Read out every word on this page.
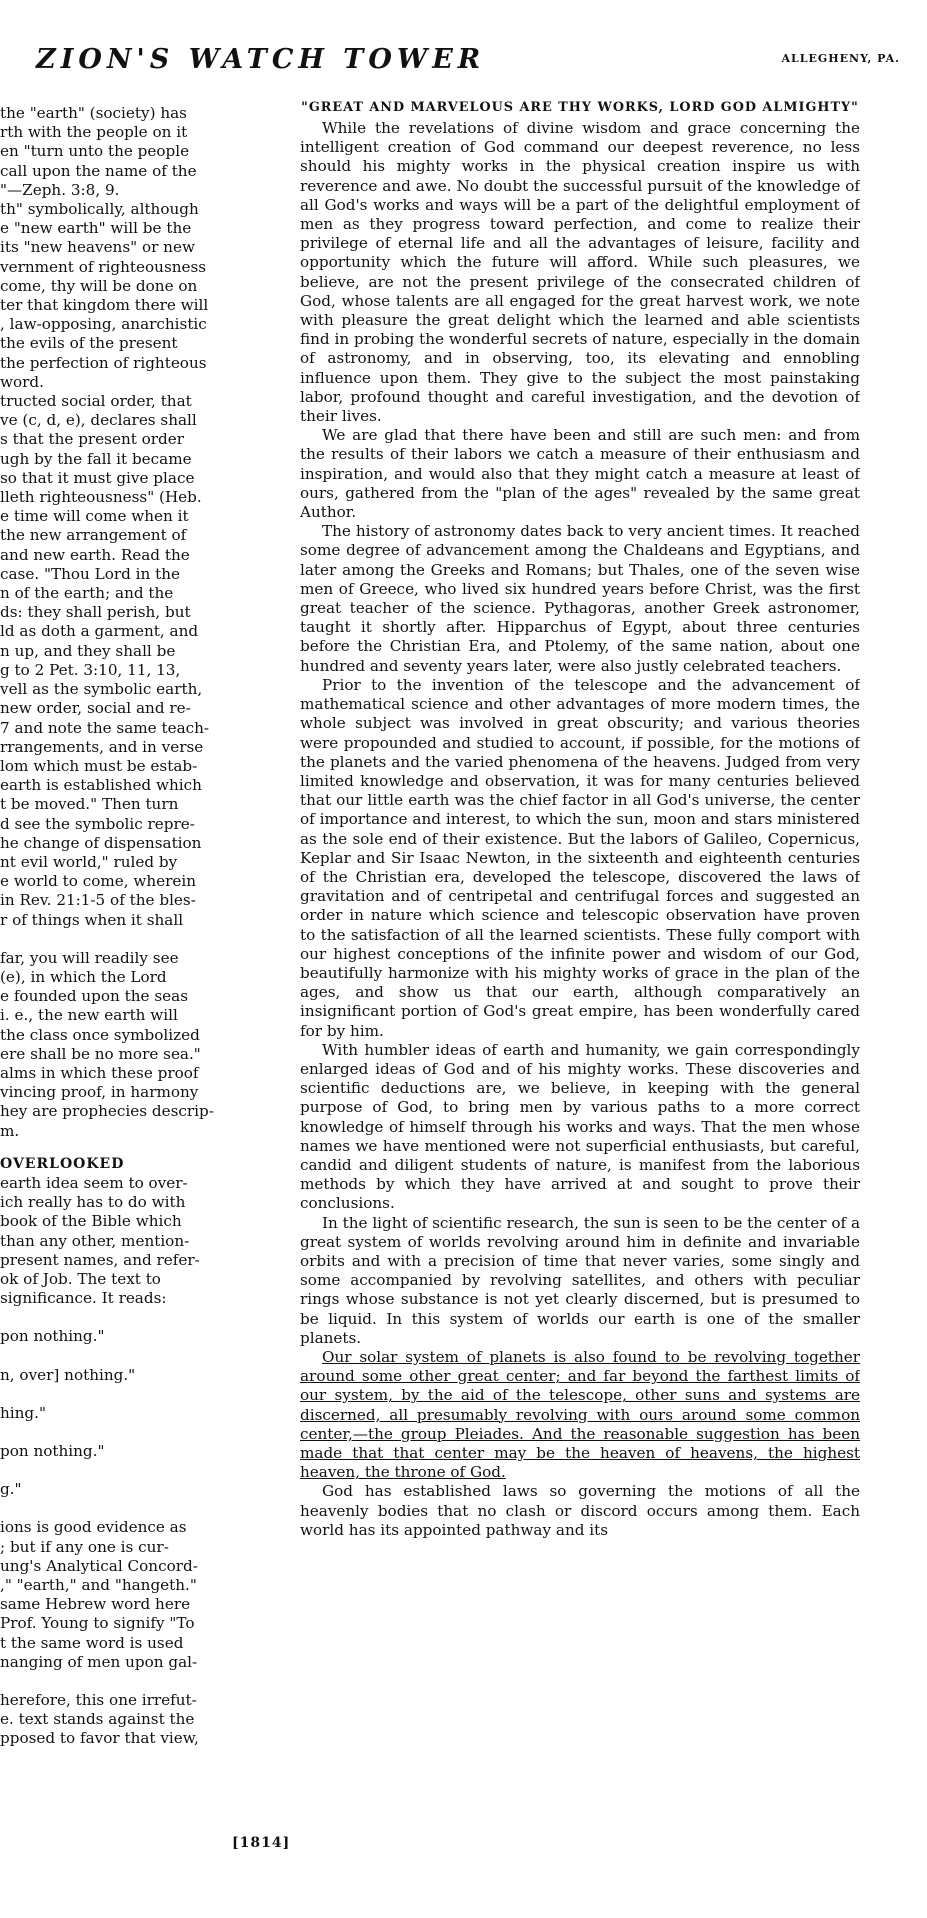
ZION'S WATCH TOWER	ALLEGHENY, PA.
the "earth" (society) has
rth with the people on it
en "turn unto the people
call upon the name of the
"—Zeph. 3:8, 9.
th" symbolically, although
e "new earth" will be the
its "new heavens" or new
vernment of righteousness
come, thy will be done on
ter that kingdom there will
, law-opposing, anarchistic
the evils of the present
the perfection of righteous
word.
tructed social order, that
ve (c, d, e), declares shall
s that the present order
ugh by the fall it became
so that it must give place
lleth righteousness" (Heb.
e time will come when it
the new arrangement of
and new earth. Read the
case. "Thou Lord in the
n of the earth; and the
ds: they shall perish, but
ld as doth a garment, and
n up, and they shall be
g to 2 Pet. 3:10, 11, 13,
vell as the symbolic earth,
new order, social and re-
7 and note the same teach-
rrangements, and in verse
lom which must be estab-
earth is established which
t be moved." Then turn
d see the symbolic repre-
he change of dispensation
nt evil world," ruled by
e world to come, wherein
in Rev. 21:1-5 of the bles-
r of things when it shall
far, you will readily see
(e), in which the Lord
e founded upon the seas
i. e., the new earth will
the class once symbolized
ere shall be no more sea."
alms in which these proof
vincing proof, in harmony
hey are prophecies descrip-
m.
OVERLOOKED
earth idea seem to over-
ich really has to do with
book of the Bible which
than any other, mention-
present names, and refer-
ok of Job. The text to
significance. It reads:
pon nothing."
n, over] nothing."
hing."
pon nothing."
g."
ions is good evidence as
; but if any one is cur-
ung's Analytical Concord-
," "earth," and "hangeth."
same Hebrew word here
Prof. Young to signify "To
t the same word is used
nanging of men upon gal-
herefore, this one irrefut-
e. text stands against the
pposed to favor that view,
"GREAT AND MARVELOUS ARE THY WORKS, LORD GOD ALMIGHTY"

While the revelations of divine wisdom and grace concerning the intelligent creation of God command our deepest reverence, no less should his mighty works in the physical creation inspire us with reverence and awe. No doubt the successful pursuit of the knowledge of all God's works and ways will be a part of the delightful employment of men as they progress toward perfection, and come to realize their privilege of eternal life and all the advantages of leisure, facility and opportunity which the future will afford. While such pleasures, we believe, are not the present privilege of the consecrated children of God, whose talents are all engaged for the great harvest work, we note with pleasure the great delight which the learned and able scientists find in probing the wonderful secrets of nature, especially in the domain of astronomy, and in observing, too, its elevating and ennobling influence upon them. They give to the subject the most painstaking labor, profound thought and careful investigation, and the devotion of their lives.

We are glad that there have been and still are such men: and from the results of their labors we catch a measure of their enthusiasm and inspiration, and would also that they might catch a measure at least of ours, gathered from the "plan of the ages" revealed by the same great Author.

The history of astronomy dates back to very ancient times. It reached some degree of advancement among the Chaldeans and Egyptians, and later among the Greeks and Romans; but Thales, one of the seven wise men of Greece, who lived six hundred years before Christ, was the first great teacher of the science. Pythagoras, another Greek astronomer, taught it shortly after. Hipparchus of Egypt, about three centuries before the Christian Era, and Ptolemy, of the same nation, about one hundred and seventy years later, were also justly celebrated teachers.

Prior to the invention of the telescope and the advancement of mathematical science and other advantages of more modern times, the whole subject was involved in great obscurity; and various theories were propounded and studied to account, if possible, for the motions of the planets and the varied phenomena of the heavens. Judged from very limited knowledge and observation, it was for many centuries believed that our little earth was the chief factor in all God's universe, the center of importance and interest, to which the sun, moon and stars ministered as the sole end of their existence. But the labors of Galileo, Copernicus, Keplar and Sir Isaac Newton, in the sixteenth and eighteenth centuries of the Christian era, developed the telescope, discovered the laws of gravitation and of centripetal and centrifugal forces and suggested an order in nature which science and telescopic observation have proven to the satisfaction of all the learned scientists. These fully comport with our highest conceptions of the infinite power and wisdom of our God, beautifully harmonize with his mighty works of grace in the plan of the ages, and show us that our earth, although comparatively an insignificant portion of God's great empire, has been wonderfully cared for by him.

With humbler ideas of earth and humanity, we gain correspondingly enlarged ideas of God and of his mighty works. These discoveries and scientific deductions are, we believe, in keeping with the general purpose of God, to bring men by various paths to a more correct knowledge of himself through his works and ways. That the men whose names we have mentioned were not superficial enthusiasts, but careful, candid and diligent students of nature, is manifest from the laborious methods by which they have arrived at and sought to prove their conclusions.

In the light of scientific research, the sun is seen to be the center of a great system of worlds revolving around him in definite and invariable orbits and with a precision of time that never varies, some singly and some accompanied by revolving satellites, and others with peculiar rings whose substance is not yet clearly discerned, but is presumed to be liquid. In this system of worlds our earth is one of the smaller planets.

Our solar system of planets is also found to be revolving together around some other great center; and far beyond the farthest limits of our system, by the aid of the telescope, other suns and systems are discerned, all presumably revolving with ours around some common center,—the group Pleiades. And the reasonable suggestion has been made that that center may be the heaven of heavens, the highest heaven, the throne of God.

God has established laws so governing the motions of all the heavenly bodies that no clash or discord occurs among them. Each world has its appointed pathway and its

[1814]
